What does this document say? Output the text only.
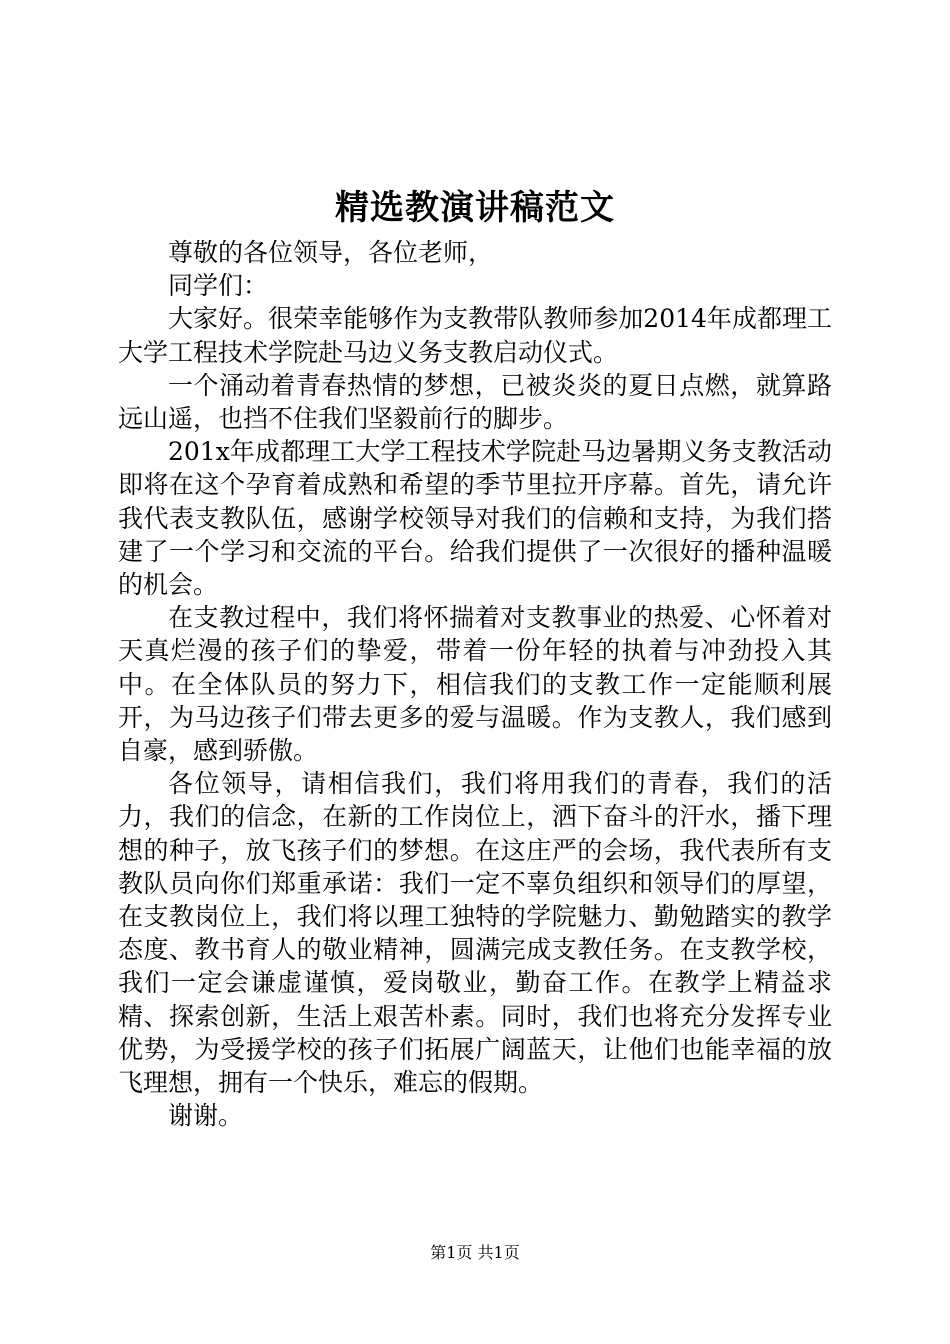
精选教演讲稿范文

尊敬的各位领导，各位老师，

同学们：

大家好。很荣幸能够作为支教带队教师参加2014年成都理工大学工程技术学院赴马边义务支教启动仪式。

一个涌动着青春热情的梦想，已被炎炎的夏日点燃，就算路远山遥，也挡不住我们坚毅前行的脚步。

201x年成都理工大学工程技术学院赴马边暑期义务支教活动即将在这个孕育着成熟和希望的季节里拉开序幕。首先，请允许我代表支教队伍，感谢学校领导对我们的信赖和支持，为我们搭建了一个学习和交流的平台。给我们提供了一次很好的播种温暖的机会。

在支教过程中，我们将怀揣着对支教事业的热爱、心怀着对天真烂漫的孩子们的挚爱，带着一份年轻的执着与冲劲投入其中。在全体队员的努力下，相信我们的支教工作一定能顺利展开，为马边孩子们带去更多的爱与温暖。作为支教人，我们感到自豪，感到骄傲。

各位领导，请相信我们，我们将用我们的青春，我们的活力，我们的信念，在新的工作岗位上，洒下奋斗的汗水，播下理想的种子，放飞孩子们的梦想。在这庄严的会场，我代表所有支教队员向你们郑重承诺：我们一定不辜负组织和领导们的厚望，在支教岗位上，我们将以理工独特的学院魅力、勤勉踏实的教学态度、教书育人的敬业精神，圆满完成支教任务。在支教学校，我们一定会谦虚谨慎，爱岗敬业，勤奋工作。在教学上精益求精、探索创新，生活上艰苦朴素。同时，我们也将充分发挥专业优势，为受援学校的孩子们拓展广阔蓝天，让他们也能幸福的放飞理想，拥有一个快乐，难忘的假期。

谢谢。

第1页 共1页
